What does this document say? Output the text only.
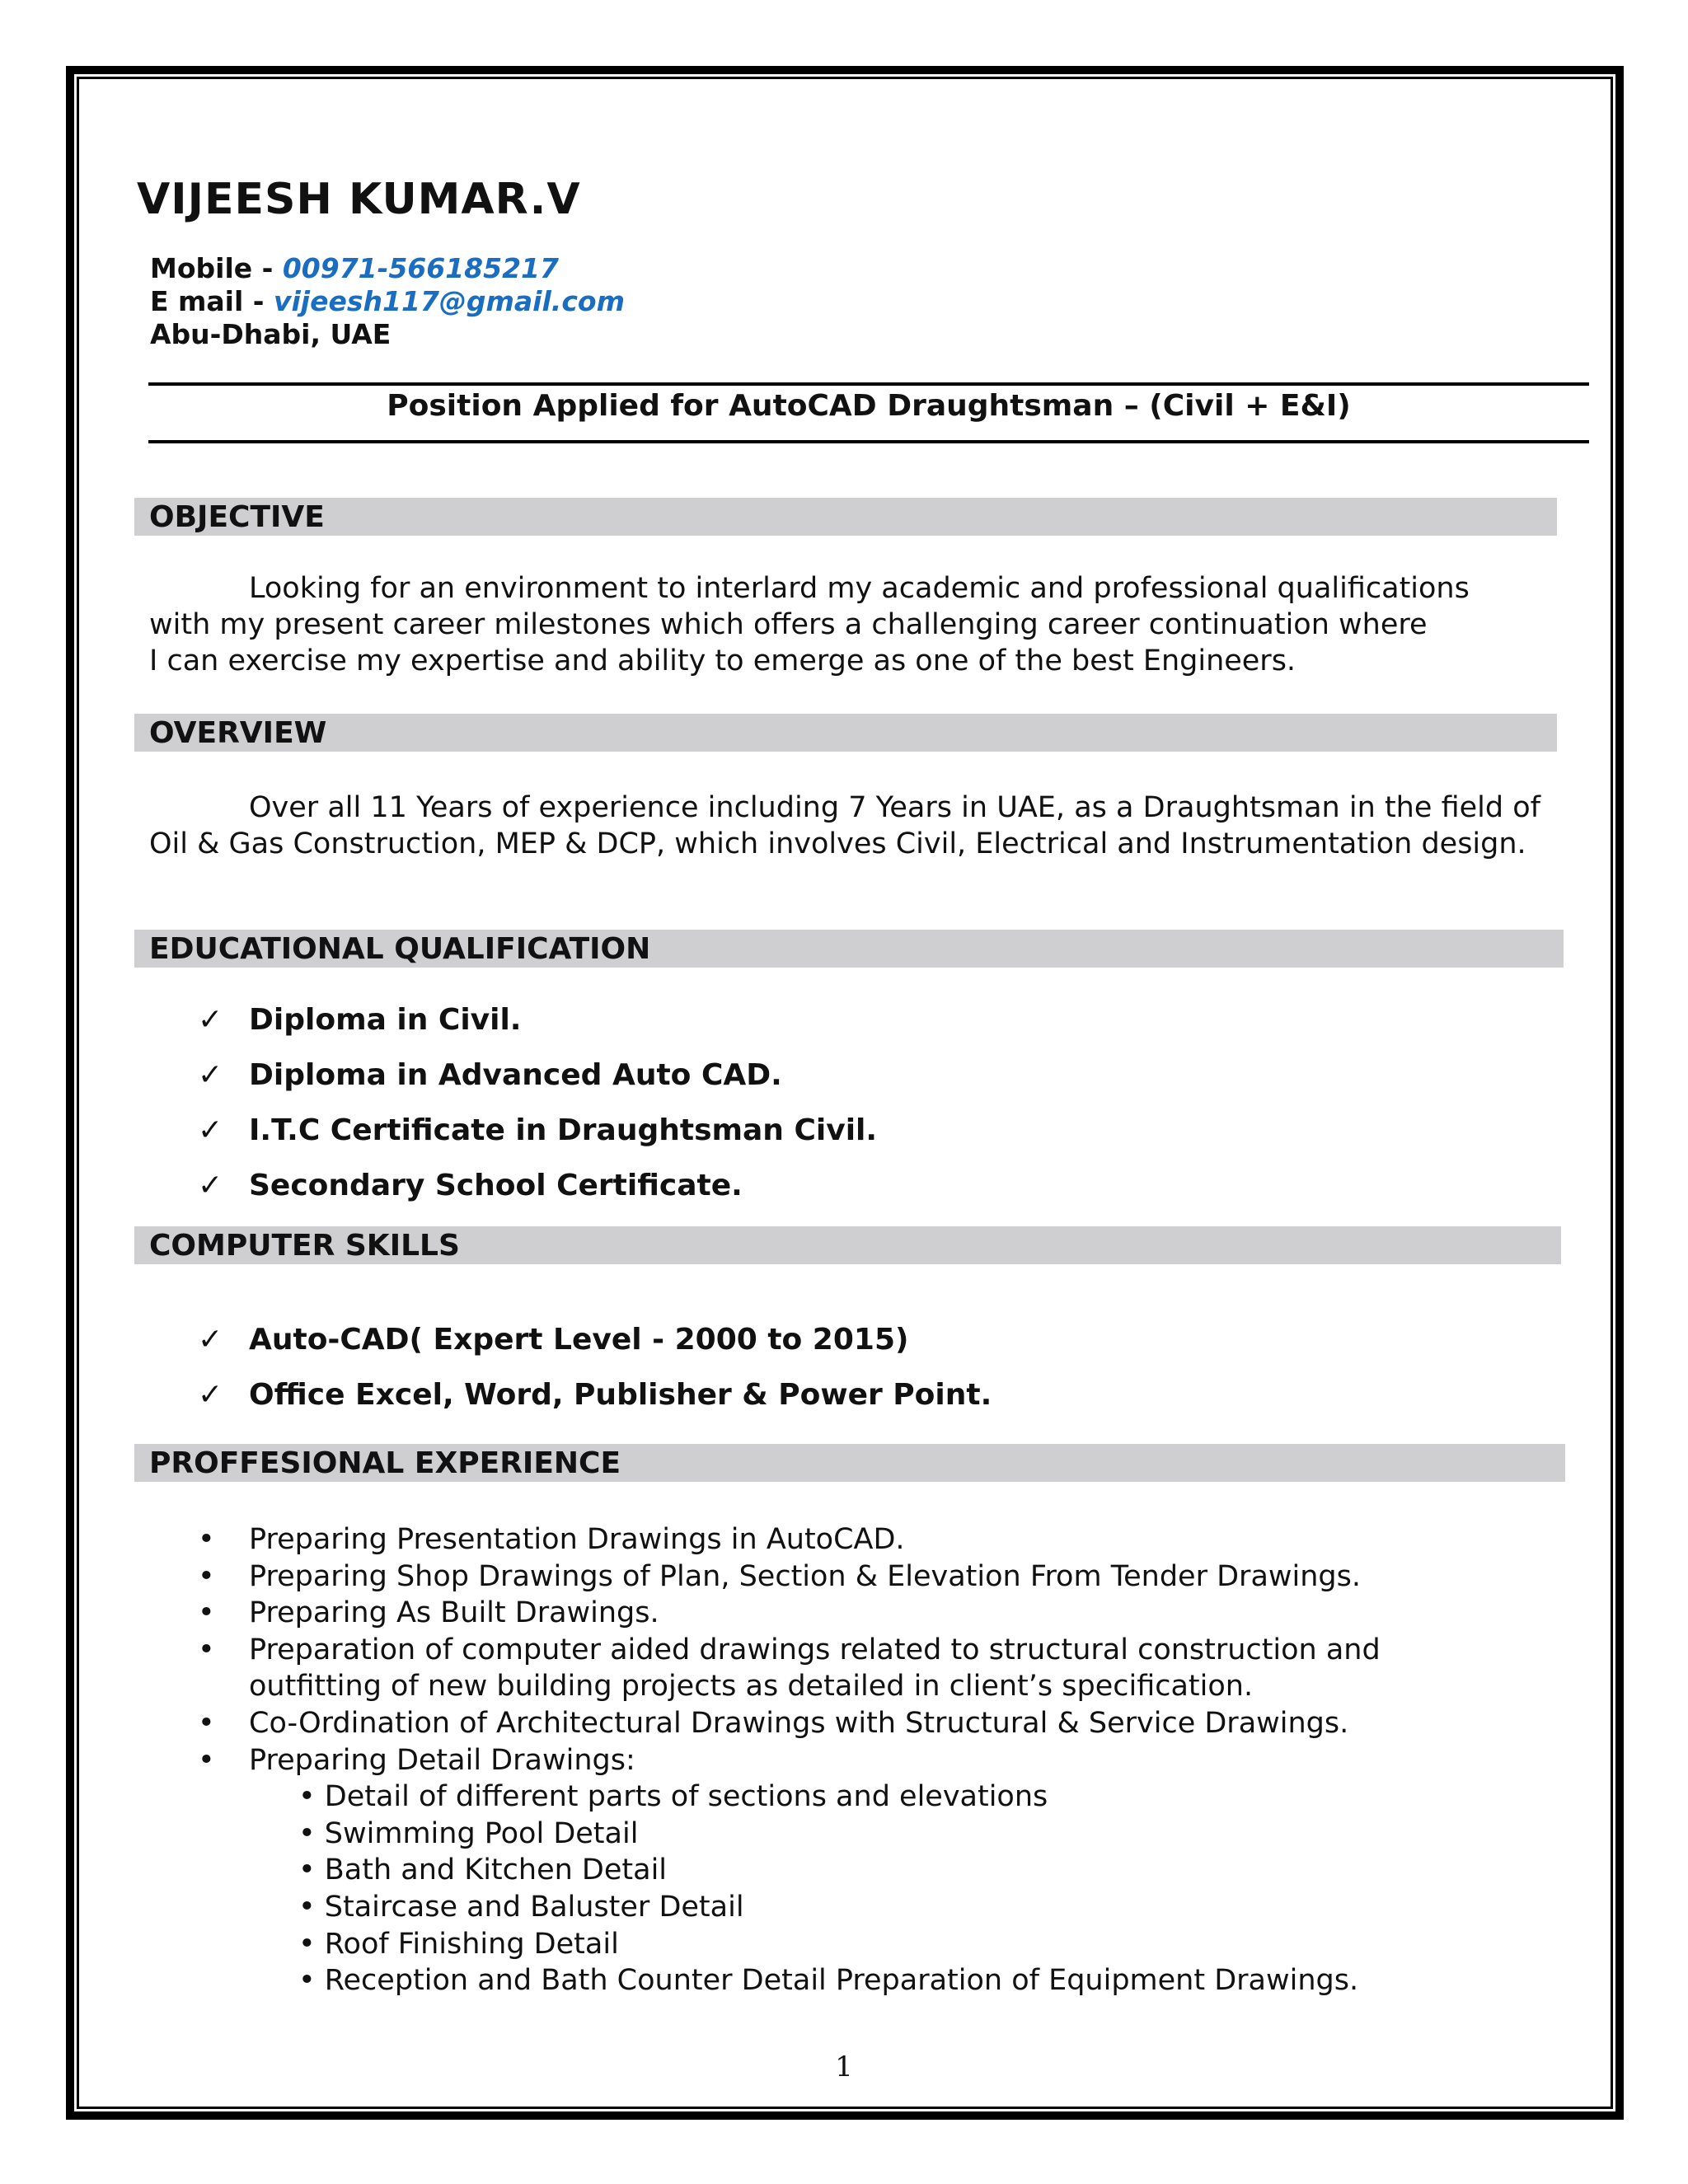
VIJEESH KUMAR.V
Mobile - 00971-566185217
E mail - vijeesh117@gmail.com
Abu-Dhabi, UAE
Position Applied for AutoCAD Draughtsman – (Civil + E&I)
OBJECTIVE
Looking for an environment to interlard my academic and professional qualifications
with my present career milestones which offers a challenging career continuation where
I can exercise my expertise and ability to emerge as one of the best Engineers.
OVERVIEW
Over all 11 Years of experience including 7 Years in UAE, as a Draughtsman in the field of Oil & Gas Construction, MEP & DCP, which involves Civil, Electrical and Instrumentation design.
EDUCATIONAL QUALIFICATION
✓ Diploma in Civil.
✓ Diploma in Advanced Auto CAD.
✓ I.T.C Certificate in Draughtsman Civil.
✓ Secondary School Certificate.
COMPUTER SKILLS
✓ Auto-CAD( Expert Level - 2000 to 2015)
✓ Office Excel, Word, Publisher & Power Point.
PROFFESIONAL EXPERIENCE
•	Preparing Presentation Drawings in AutoCAD.
•	Preparing Shop Drawings of Plan, Section & Elevation From Tender Drawings.
•	Preparing As Built Drawings.
•	Preparation of computer aided drawings related to structural construction and outfitting of new building projects as detailed in client’s specification.
•	Co-Ordination of Architectural Drawings with Structural & Service Drawings.
•	Preparing Detail Drawings:
• Detail of different parts of sections and elevations
• Swimming Pool Detail
• Bath and Kitchen Detail
• Staircase and Baluster Detail
• Roof Finishing Detail
• Reception and Bath Counter Detail Preparation of Equipment Drawings.
1
